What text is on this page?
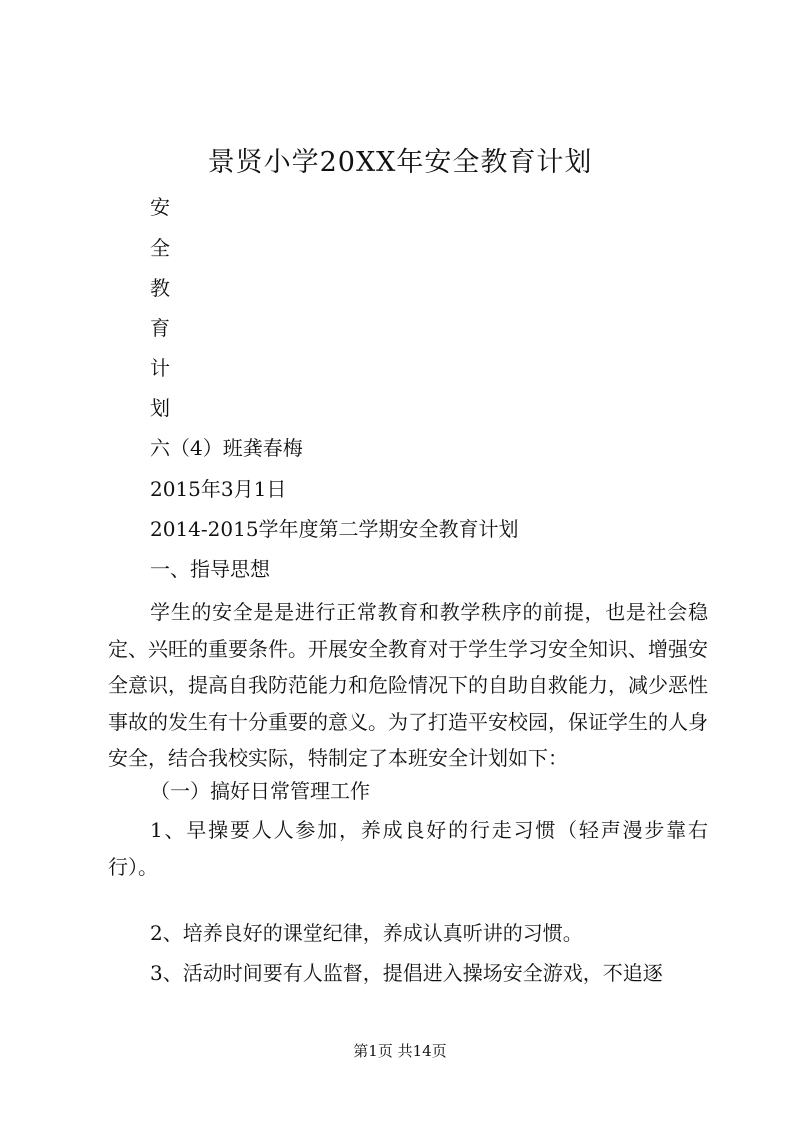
景贤小学20XX年安全教育计划
安
全
教
育
计
划
六（4）班龚春梅
2015年3月1日
2014-2015学年度第二学期安全教育计划
一、指导思想
学生的安全是是进行正常教育和教学秩序的前提，也是社会稳定、兴旺的重要条件。开展安全教育对于学生学习安全知识、增强安全意识，提高自我防范能力和危险情况下的自助自救能力，减少恶性事故的发生有十分重要的意义。为了打造平安校园，保证学生的人身安全，结合我校实际，特制定了本班安全计划如下：
（一）搞好日常管理工作
1、早操要人人参加，养成良好的行走习惯（轻声漫步靠右行）。
2、培养良好的课堂纪律，养成认真听讲的习惯。
3、活动时间要有人监督，提倡进入操场安全游戏，不追逐
第1页 共14页
